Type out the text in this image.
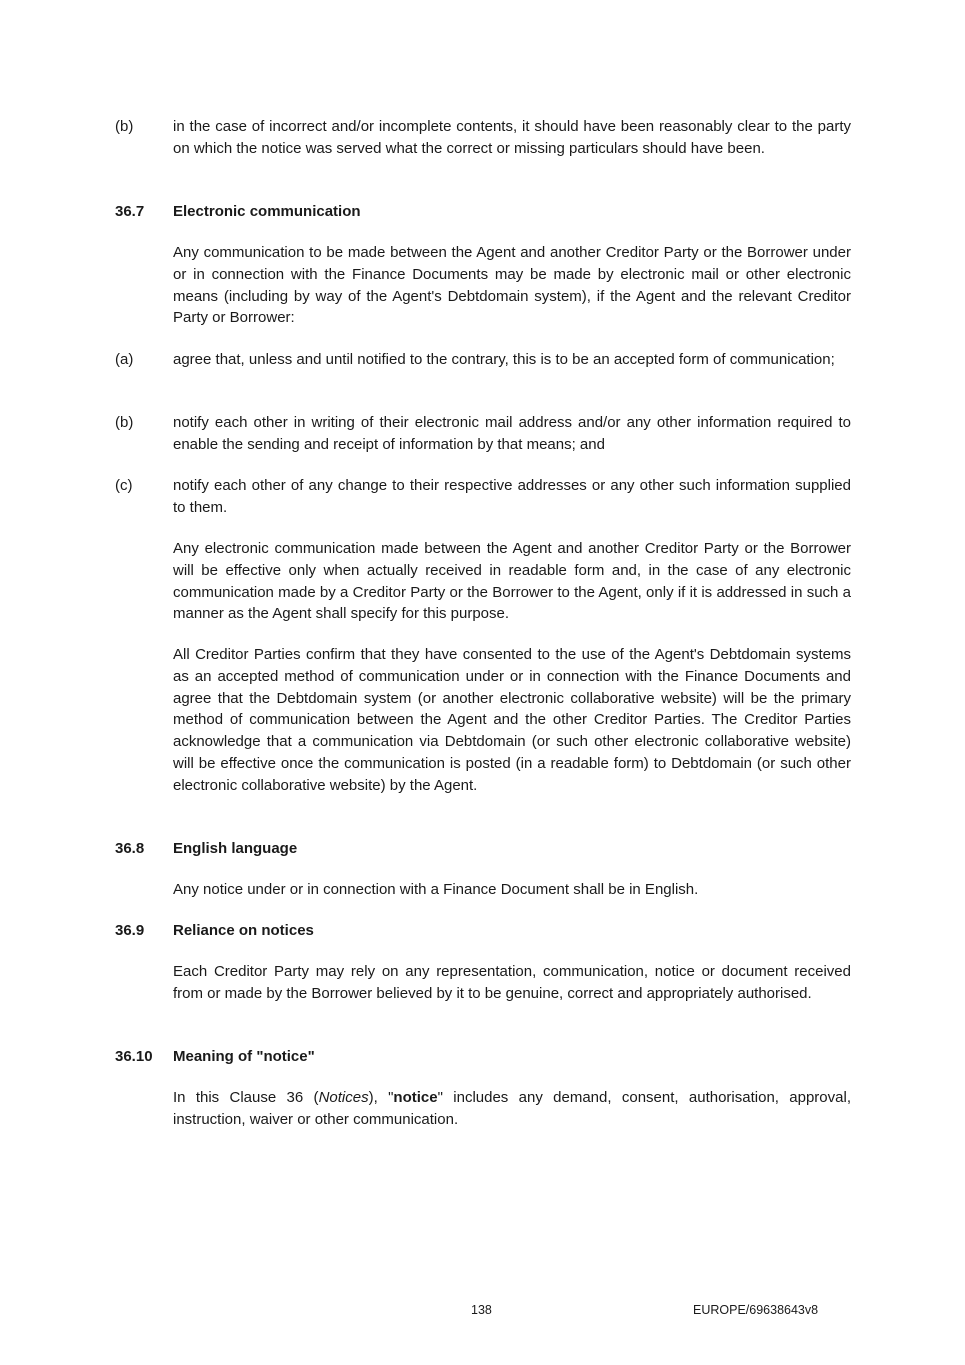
(b)	in the case of incorrect and/or incomplete contents, it should have been reasonably clear to the party on which the notice was served what the correct or missing particulars should have been.
36.7	Electronic communication
Any communication to be made between the Agent and another Creditor Party or the Borrower under or in connection with the Finance Documents may be made by electronic mail or other electronic means (including by way of the Agent's Debtdomain system), if the Agent and the relevant Creditor Party or Borrower:
(a)	agree that, unless and until notified to the contrary, this is to be an accepted form of communication;
(b)	notify each other in writing of their electronic mail address and/or any other information required to enable the sending and receipt of information by that means; and
(c)	notify each other of any change to their respective addresses or any other such information supplied to them.
Any electronic communication made between the Agent and another Creditor Party or the Borrower will be effective only when actually received in readable form and, in the case of any electronic communication made by a Creditor Party or the Borrower to the Agent, only if it is addressed in such a manner as the Agent shall specify for this purpose.
All Creditor Parties confirm that they have consented to the use of the Agent's Debtdomain systems as an accepted method of communication under or in connection with the Finance Documents and agree that the Debtdomain system (or another electronic collaborative website) will be the primary method of communication between the Agent and the other Creditor Parties. The Creditor Parties acknowledge that a communication via Debtdomain (or such other electronic collaborative website) will be effective once the communication is posted (in a readable form) to Debtdomain (or such other electronic collaborative website) by the Agent.
36.8	English language
Any notice under or in connection with a Finance Document shall be in English.
36.9	Reliance on notices
Each Creditor Party may rely on any representation, communication, notice or document received from or made by the Borrower believed by it to be genuine, correct and appropriately authorised.
36.10	Meaning of "notice"
In this Clause 36 (Notices), "notice" includes any demand, consent, authorisation, approval, instruction, waiver or other communication.
138	EUROPE/69638643v8
